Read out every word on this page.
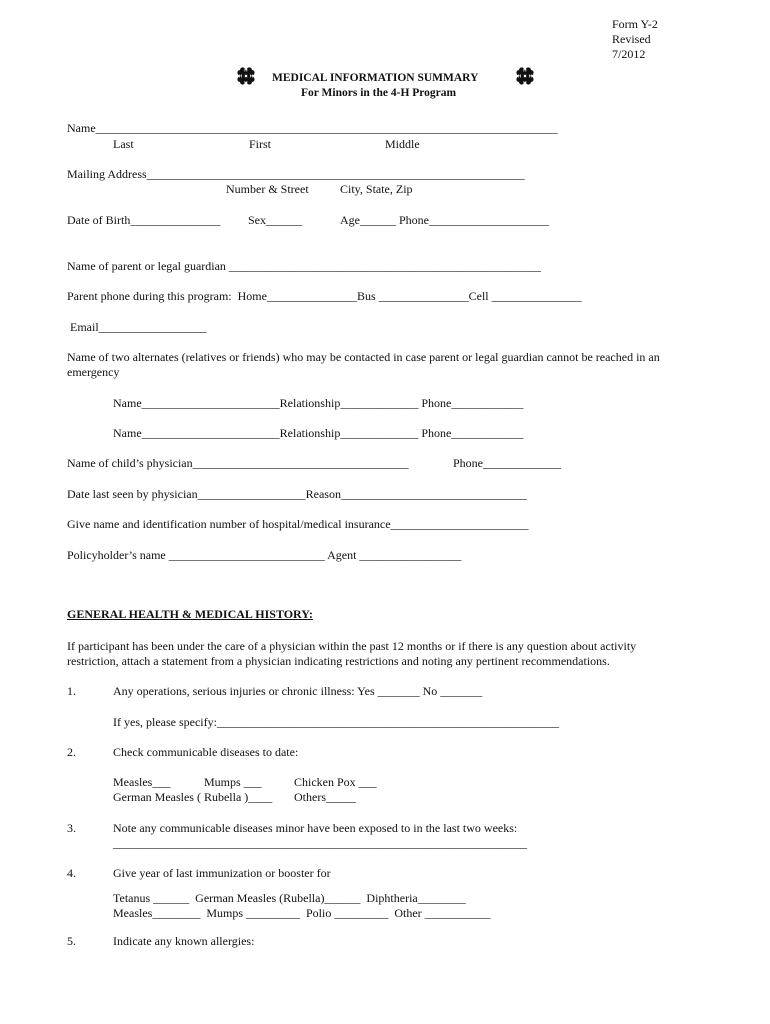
Form Y-2
Revised
7/2012
H
H
H H
H
H
H H
MEDICAL INFORMATION SUMMARY
For Minors in the 4-H Program
Name_____________________________________________________________________________
Last	First	Middle
Mailing Address_______________________________________________________________
Number & Street	City, State, Zip
Date of Birth_______________ Sex______	Age______ Phone____________________
Name of parent or legal guardian ____________________________________________________
Parent phone during this program:  Home_______________Bus _______________Cell _______________
Email__________________
Name of two alternates (relatives or friends) who may be contacted in case parent or legal guardian cannot be reached in an
emergency
Name_______________________Relationship_____________ Phone____________
Name_______________________Relationship_____________ Phone____________
Name of child’s physician____________________________________	Phone_____________
Date last seen by physician__________________Reason_______________________________
Give name and identification number of hospital/medical insurance_______________________
Policyholder’s name __________________________ Agent _________________
GENERAL HEALTH & MEDICAL HISTORY:
If participant has been under the care of a physician within the past 12 months or if there is any question about activity
restriction, attach a statement from a physician indicating restrictions and noting any pertinent recommendations.
1.	Any operations, serious injuries or chronic illness: Yes _______ No _______
If yes, please specify:_________________________________________________________
2.	Check communicable diseases to date:
Measles___	Mumps ___	Chicken Pox ___
German Measles ( Rubella )____ Others_____
3.	Note any communicable diseases minor have been exposed to in the last two weeks:
_____________________________________________________________________
4.	Give year of last immunization or booster for
Tetanus ______  German Measles (Rubella)______  Diphtheria________
Measles________  Mumps _________  Polio _________  Other ___________
5.	Indicate any known allergies:
